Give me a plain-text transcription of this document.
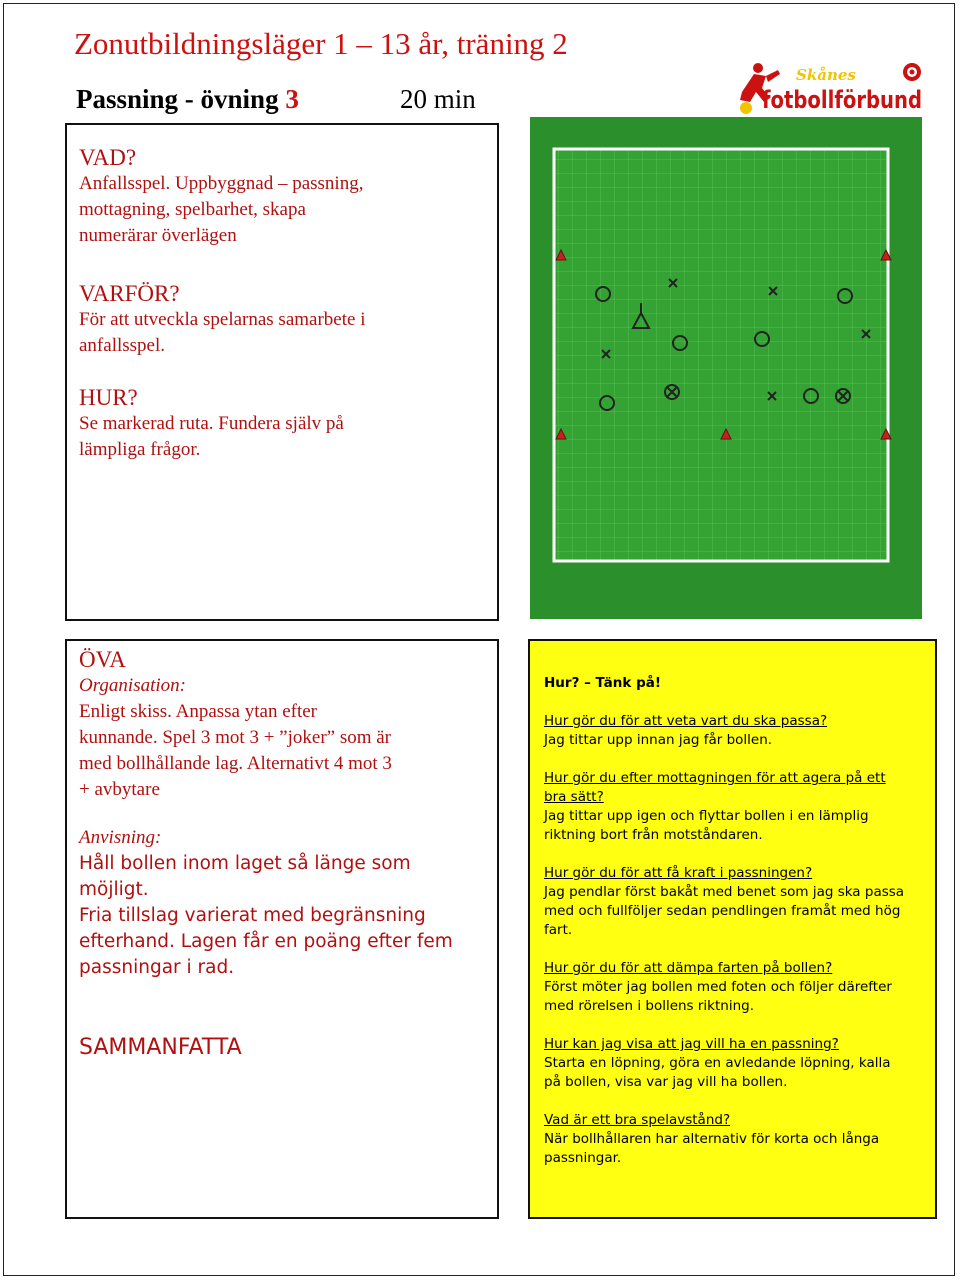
Zonutbildningsläger 1 – 13 år, träning 2
Passning - övning 3	20 min
Skånes
fotbollförbund
VAD?
Anfallsspel. Uppbyggnad – passning,
mottagning, spelbarhet, skapa
numerärar överlägen
VARFÖR?
För att utveckla spelarnas samarbete i
anfallsspel.
HUR?
Se markerad ruta. Fundera själv på
lämpliga frågor.
ÖVA
Organisation:
Enligt skiss. Anpassa ytan efter
kunnande. Spel 3 mot 3 + ”joker” som är
med bollhållande lag. Alternativt 4 mot 3
+ avbytare
Anvisning:
Håll bollen inom laget så länge som
möjligt.
Fria tillslag varierat med begränsning
efterhand. Lagen får en poäng efter fem
passningar i rad.
SAMMANFATTA
Hur? – Tänk på!
Hur gör du för att veta vart du ska passa?
Jag tittar upp innan jag får bollen.
Hur gör du efter mottagningen för att agera på ett
bra sätt?
Jag tittar upp igen och flyttar bollen i en lämplig
riktning bort från motståndaren.
Hur gör du för att få kraft i passningen?
Jag pendlar först bakåt med benet som jag ska passa
med och fullföljer sedan pendlingen framåt med hög
fart.
Hur gör du för att dämpa farten på bollen?
Först möter jag bollen med foten och följer därefter
med rörelsen i bollens riktning.
Hur kan jag visa att jag vill ha en passning?
Starta en löpning, göra en avledande löpning, kalla
på bollen, visa var jag vill ha bollen.
Vad är ett bra spelavstånd?
När bollhållaren har alternativ för korta och långa
passningar.
